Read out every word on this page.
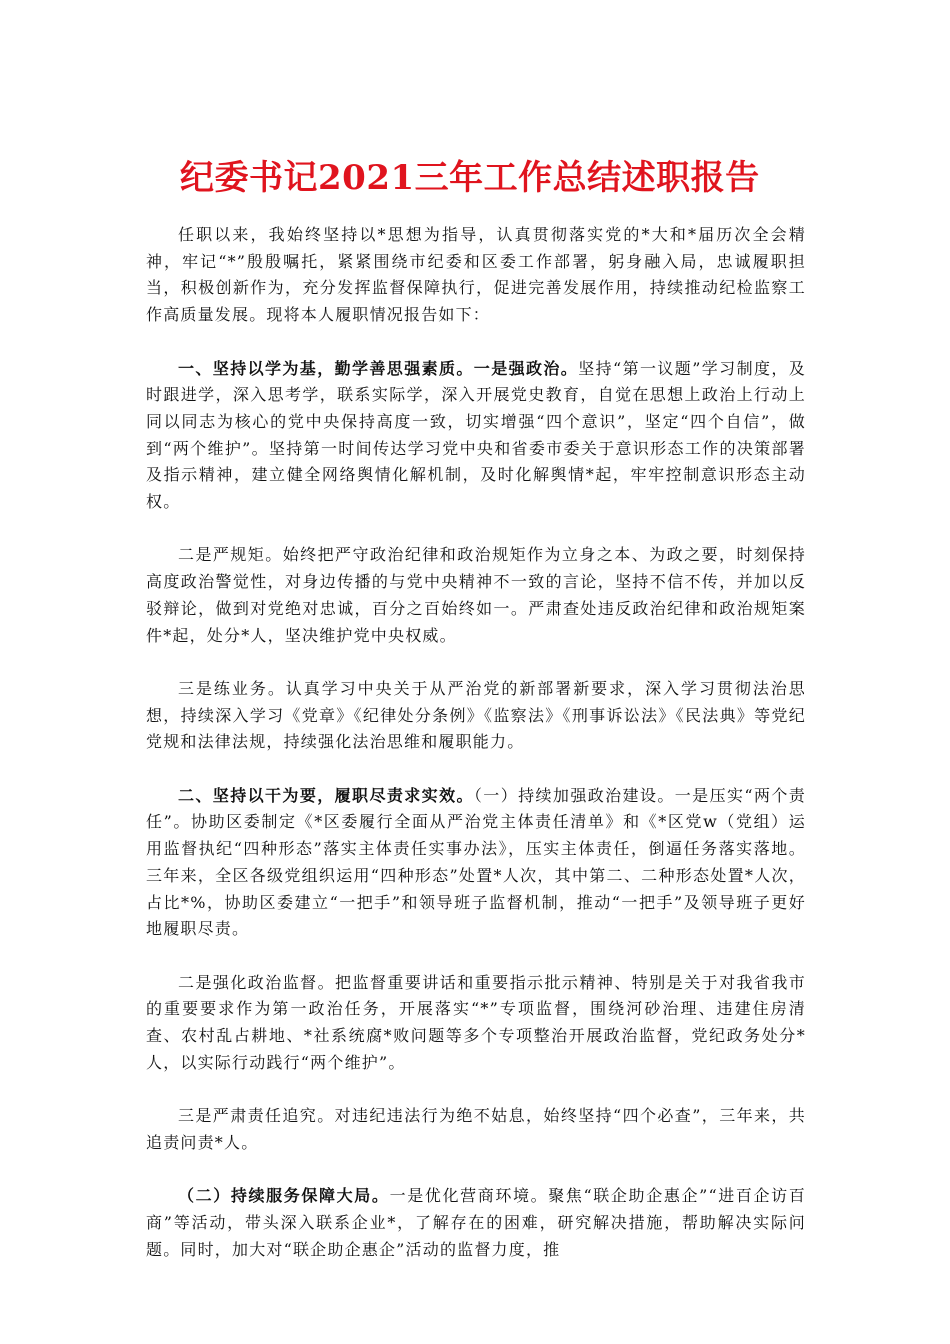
纪委书记2021三年工作总结述职报告

任职以来，我始终坚持以*思想为指导，认真贯彻落实党的*大和*届历次全会精神，牢记“*”殷殷嘱托，紧紧围绕市纪委和区委工作部署，躬身融入局，忠诚履职担当，积极创新作为，充分发挥监督保障执行，促进完善发展作用，持续推动纪检监察工作高质量发展。现将本人履职情况报告如下：

一、坚持以学为基，勤学善思强素质。一是强政治。坚持“第一议题”学习制度，及时跟进学，深入思考学，联系实际学，深入开展党史教育，自觉在思想上政治上行动上同以同志为核心的党中央保持高度一致，切实增强“四个意识”，坚定“四个自信”，做到“两个维护”。坚持第一时间传达学习党中央和省委市委关于意识形态工作的决策部署及指示精神，建立健全网络舆情化解机制，及时化解舆情*起，牢牢控制意识形态主动权。

二是严规矩。始终把严守政治纪律和政治规矩作为立身之本、为政之要，时刻保持高度政治警觉性，对身边传播的与党中央精神不一致的言论，坚持不信不传，并加以反驳辩论，做到对党绝对忠诚，百分之百始终如一。严肃查处违反政治纪律和政治规矩案件*起，处分*人，坚决维护党中央权威。

三是练业务。认真学习中央关于从严治党的新部署新要求，深入学习贯彻法治思想，持续深入学习《党章》《纪律处分条例》《监察法》《刑事诉讼法》《民法典》等党纪党规和法律法规，持续强化法治思维和履职能力。

二、坚持以干为要，履职尽责求实效。（一）持续加强政治建设。一是压实“两个责任”。协助区委制定《*区委履行全面从严治党主体责任清单》和《*区党w（党组）运用监督执纪“四种形态”落实主体责任实事办法》，压实主体责任，倒逼任务落实落地。三年来，全区各级党组织运用“四种形态”处置*人次，其中第二、二种形态处置*人次，占比*%，协助区委建立“一把手”和领导班子监督机制，推动“一把手”及领导班子更好地履职尽责。

二是强化政治监督。把监督重要讲话和重要指示批示精神、特别是关于对我省我市的重要要求作为第一政治任务，开展落实“*”专项监督，围绕河砂治理、违建住房清查、农村乱占耕地、*社系统腐*败问题等多个专项整治开展政治监督，党纪政务处分*人，以实际行动践行“两个维护”。

三是严肃责任追究。对违纪违法行为绝不姑息，始终坚持“四个必查”，三年来，共追责问责*人。

（二）持续服务保障大局。一是优化营商环境。聚焦“联企助企惠企”“进百企访百商”等活动，带头深入联系企业*，了解存在的困难，研究解决措施，帮助解决实际问题。同时，加大对“联企助企惠企”活动的监督力度，推
